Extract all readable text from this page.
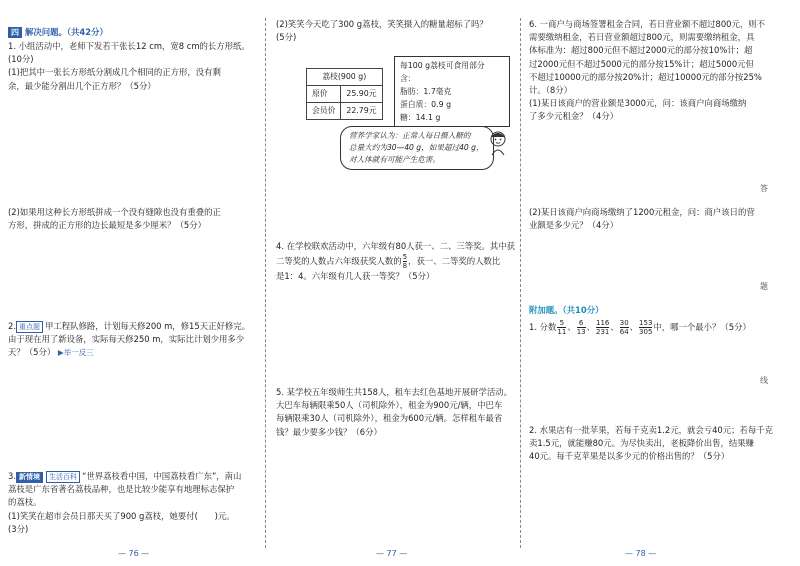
四 解决问题。（共42分）
1. 小组活动中，老师下发若干张长12 cm，宽8 cm的长方形纸。
(10分)
(1)把其中一张长方形纸分割成几个相同的正方形，没有剩
余，最少能分割出几个正方形？（5分）
(2)如果用这种长方形纸拼成一个没有缝隙也没有重叠的正
方形，拼成的正方形的边长最短是多少厘米？（5分）
2. 重点题 甲工程队修路，计划每天修200 m，修15天正好修完。
由于现在用了新设备，实际每天修250 m，实际比计划少用多少
天？（5分） ▶举一反三
3. 新情境 生活百科 “世界荔枝看中国，中国荔枝看广东”，南山
荔枝是广东省著名荔枝品种，也是比较少能享有地理标志保护
的荔枝。
(1)笑笑在超市会员日那天买了900 g荔枝，她要付(　　)元。
(3分)
— 76 —
(2)笑笑今天吃了300 g荔枝，笑笑摄入的糖量超标了吗？
(5分)
荔枝(900 g)	
原价	25.90元
会员价	22.79元
每100 g荔枝可食用部分
含：
脂肪：1.7毫克
蛋白质：0.9 g
糖：14.1 g
营养学家认为：正常人每日摄入糖的
总量大约为30—40 g，如果超过40 g，
对人体就有可能产生危害。
4. 在学校联欢活动中，六年级有80人获一、二、三等奖。其中获
二等奖的人数占六年级获奖人数的 $\frac{5}{8}$ ，获一、二等奖的人数比
是1：4。六年级有几人获一等奖？（5分）
5. 某学校五年级师生共158人，租车去红色基地开展研学活动。
大巴车每辆限乘50人（司机除外），租金为900元/辆，中巴车
每辆限乘30人（司机除外），租金为600元/辆。怎样租车最省
钱？最少要多少钱？（6分）
— 77 —
6. 一商户与商场签署租金合同，若日营业额不超过800元，则不
需要缴纳租金，若日营业额超过800元，则需要缴纳租金，具
体标准为：超过800元但不超过2000元的部分按10%计；超
过2000元但不超过5000元的部分按15%计；超过5000元但
不超过10000元的部分按20%计；超过10000元的部分按25%
计。（8分）
(1)某日该商户的营业额是3000元，问：该商户向商场缴纳
了多少元租金？（4分）
(2)某日该商户向商场缴纳了1200元租金，问：商户该日的营
业额是多少元？（4分）
附加题。（共10分）
1. 分数 $\frac{5}{11}$ 、 $\frac{6}{13}$ 、 $\frac{116}{231}$ 、 $\frac{30}{64}$ 、 $\frac{153}{305}$ 中，哪一个最小？（5分）
2. 水果店有一批苹果，若每千克卖1.2元，就会亏40元；若每千克
卖1.5元，就能赚80元。为尽快卖出，老板降价出售，结果赚
40元。每千克苹果是以多少元的价格出售的？（5分）
答
题
线
— 78 —
